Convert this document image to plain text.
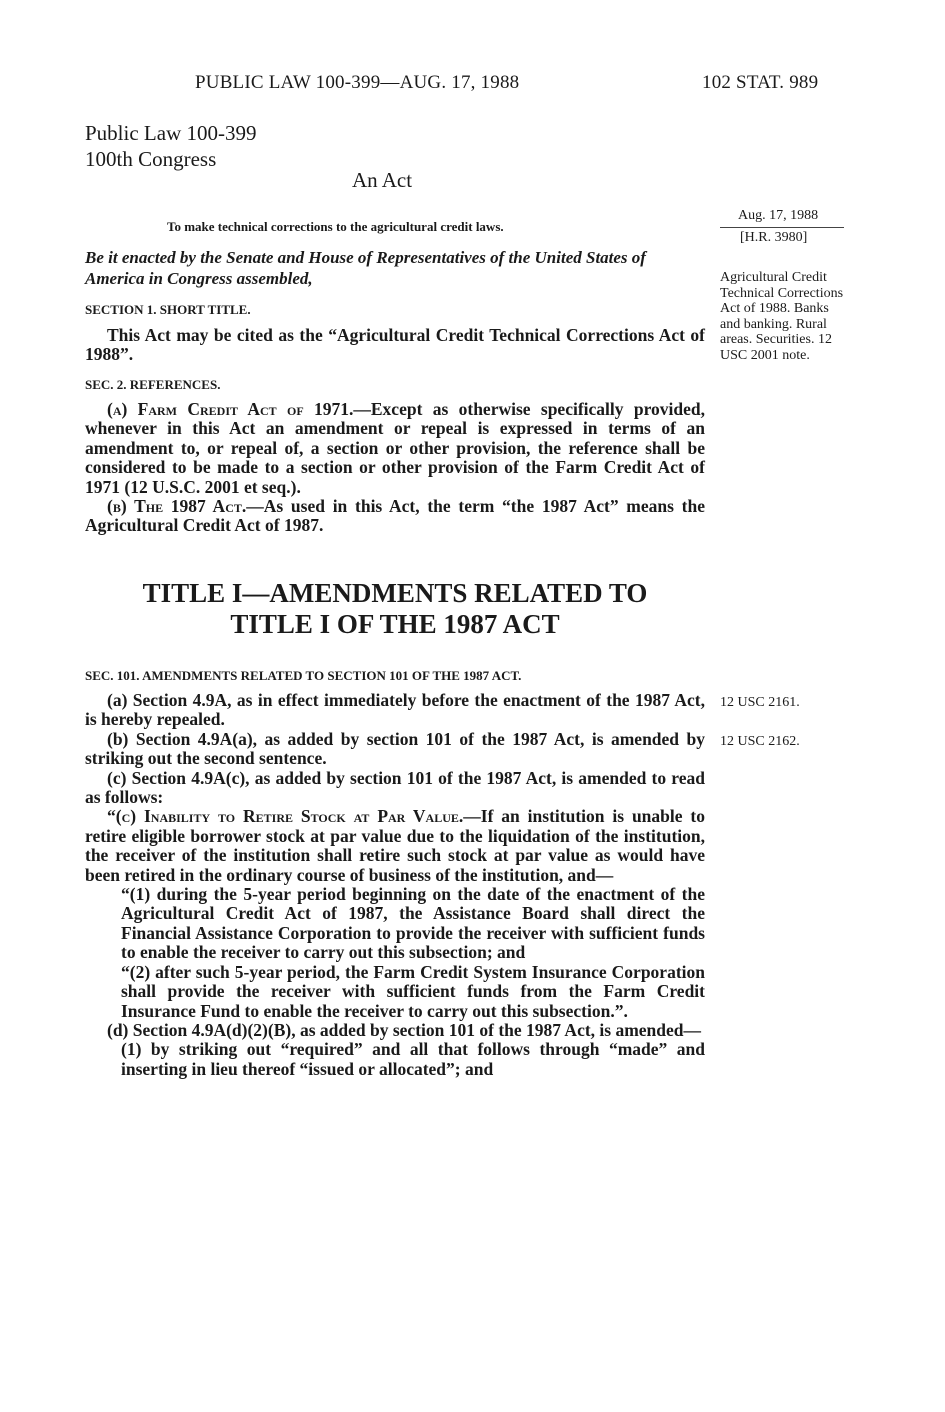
PUBLIC LAW 100-399—AUG. 17, 1988	102 STAT. 989
Public Law 100-399
100th Congress
An Act
To make technical corrections to the agricultural credit laws.
Aug. 17, 1988
[H.R. 3980]
Agricultural Credit Technical Corrections Act of 1988. Banks and banking. Rural areas. Securities. 12 USC 2001 note.
Be it enacted by the Senate and House of Representatives of the United States of America in Congress assembled,
SECTION 1. SHORT TITLE.

This Act may be cited as the “Agricultural Credit Technical Corrections Act of 1988”.

SEC. 2. REFERENCES.

(a) Farm Credit Act of 1971.—Except as otherwise specifically provided, whenever in this Act an amendment or repeal is expressed in terms of an amendment to, or repeal of, a section or other provision, the reference shall be considered to be made to a section or other provision of the Farm Credit Act of 1971 (12 U.S.C. 2001 et seq.).

(b) The 1987 Act.—As used in this Act, the term “the 1987 Act” means the Agricultural Credit Act of 1987.

TITLE I—AMENDMENTS RELATED TO
TITLE I OF THE 1987 ACT
SEC. 101. AMENDMENTS RELATED TO SECTION 101 OF THE 1987 ACT.
12 USC 2161.
12 USC 2162.

(a) Section 4.9A, as in effect immediately before the enactment of the 1987 Act, is hereby repealed.

(b) Section 4.9A(a), as added by section 101 of the 1987 Act, is amended by striking out the second sentence.

(c) Section 4.9A(c), as added by section 101 of the 1987 Act, is amended to read as follows:

“(c) Inability to Retire Stock at Par Value.—If an institution is unable to retire eligible borrower stock at par value due to the liquidation of the institution, the receiver of the institution shall retire such stock at par value as would have been retired in the ordinary course of business of the institution, and—

“(1) during the 5-year period beginning on the date of the enactment of the Agricultural Credit Act of 1987, the Assistance Board shall direct the Financial Assistance Corporation to provide the receiver with sufficient funds to enable the receiver to carry out this subsection; and

“(2) after such 5-year period, the Farm Credit System Insurance Corporation shall provide the receiver with sufficient funds from the Farm Credit Insurance Fund to enable the receiver to carry out this subsection.”.

(d) Section 4.9A(d)(2)(B), as added by section 101 of the 1987 Act, is amended—

(1) by striking out “required” and all that follows through “made” and inserting in lieu thereof “issued or allocated”; and
